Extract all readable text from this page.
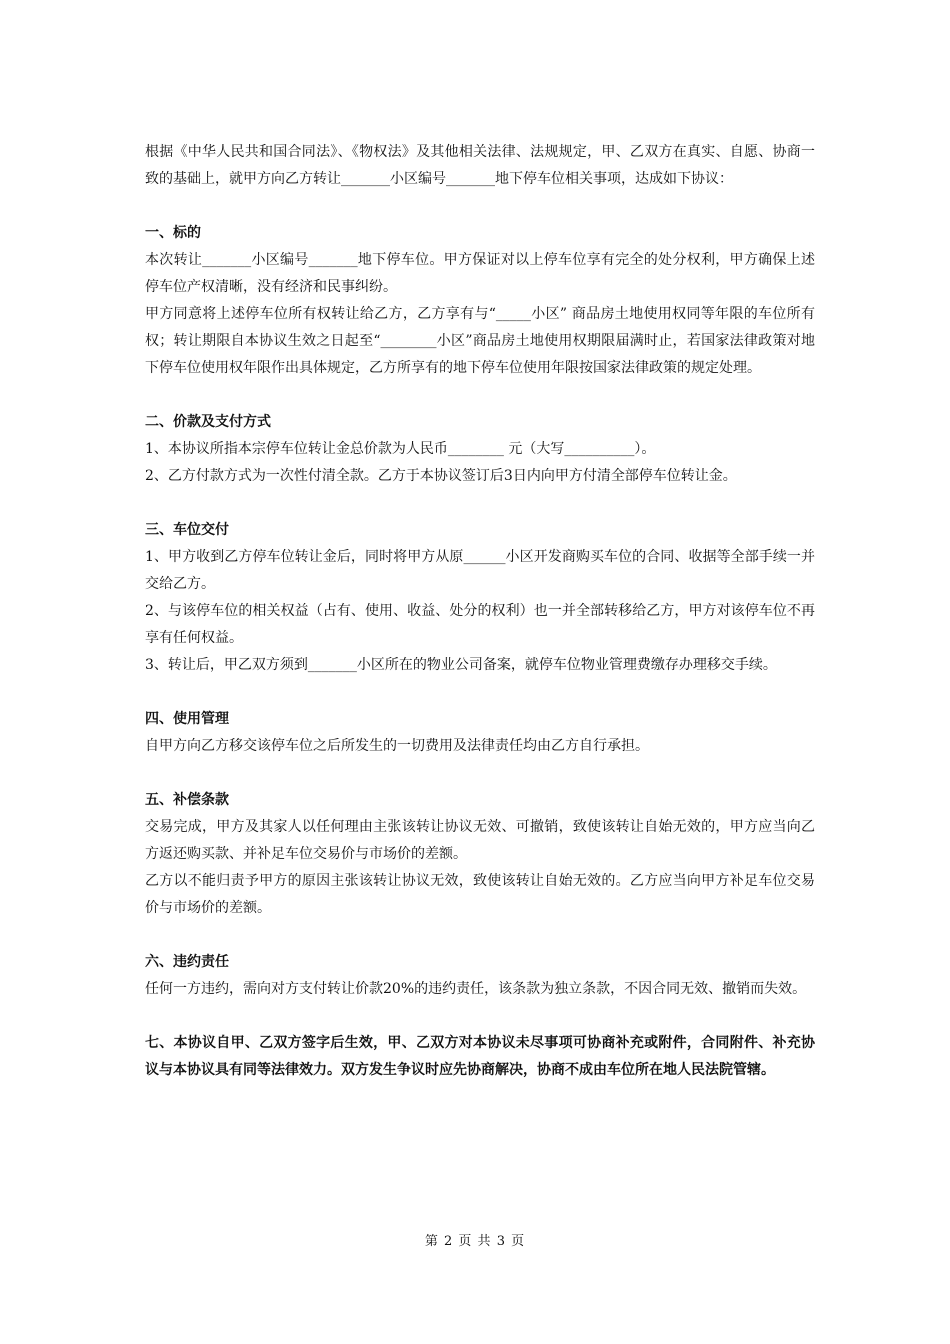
根据《中华人民共和国合同法》、《物权法》及其他相关法律、法规规定，甲、乙双方在真实、自愿、协商一致的基础上，就甲方向乙方转让_______小区编号_______地下停车位相关事项，达成如下协议：

一、标的

本次转让_______小区编号_______地下停车位。甲方保证对以上停车位享有完全的处分权利，甲方确保上述停车位产权清晰，没有经济和民事纠纷。

甲方同意将上述停车位所有权转让给乙方，乙方享有与“_____小区” 商品房土地使用权同等年限的车位所有权；转让期限自本协议生效之日起至“________小区”商品房土地使用权期限届满时止，若国家法律政策对地下停车位使用权年限作出具体规定，乙方所享有的地下停车位使用年限按国家法律政策的规定处理。

二、价款及支付方式

1、本协议所指本宗停车位转让金总价款为人民币________ 元（大写__________）。

2、乙方付款方式为一次性付清全款。乙方于本协议签订后3日内向甲方付清全部停车位转让金。

三、车位交付

1、甲方收到乙方停车位转让金后，同时将甲方从原______小区开发商购买车位的合同、收据等全部手续一并交给乙方。

2、与该停车位的相关权益（占有、使用、收益、处分的权利）也一并全部转移给乙方，甲方对该停车位不再享有任何权益。

3、转让后，甲乙双方须到_______小区所在的物业公司备案，就停车位物业管理费缴存办理移交手续。

四、使用管理

自甲方向乙方移交该停车位之后所发生的一切费用及法律责任均由乙方自行承担。

五、补偿条款

交易完成，甲方及其家人以任何理由主张该转让协议无效、可撤销，致使该转让自始无效的，甲方应当向乙方返还购买款、并补足车位交易价与市场价的差额。

乙方以不能归责予甲方的原因主张该转让协议无效，致使该转让自始无效的。乙方应当向甲方补足车位交易价与市场价的差额。

六、违约责任

任何一方违约，需向对方支付转让价款20%的违约责任，该条款为独立条款，不因合同无效、撤销而失效。

七、本协议自甲、乙双方签字后生效，甲、乙双方对本协议未尽事项可协商补充或附件，合同附件、补充协议与本协议具有同等法律效力。双方发生争议时应先协商解决，协商不成由车位所在地人民法院管辖。

第 2 页 共 3 页
